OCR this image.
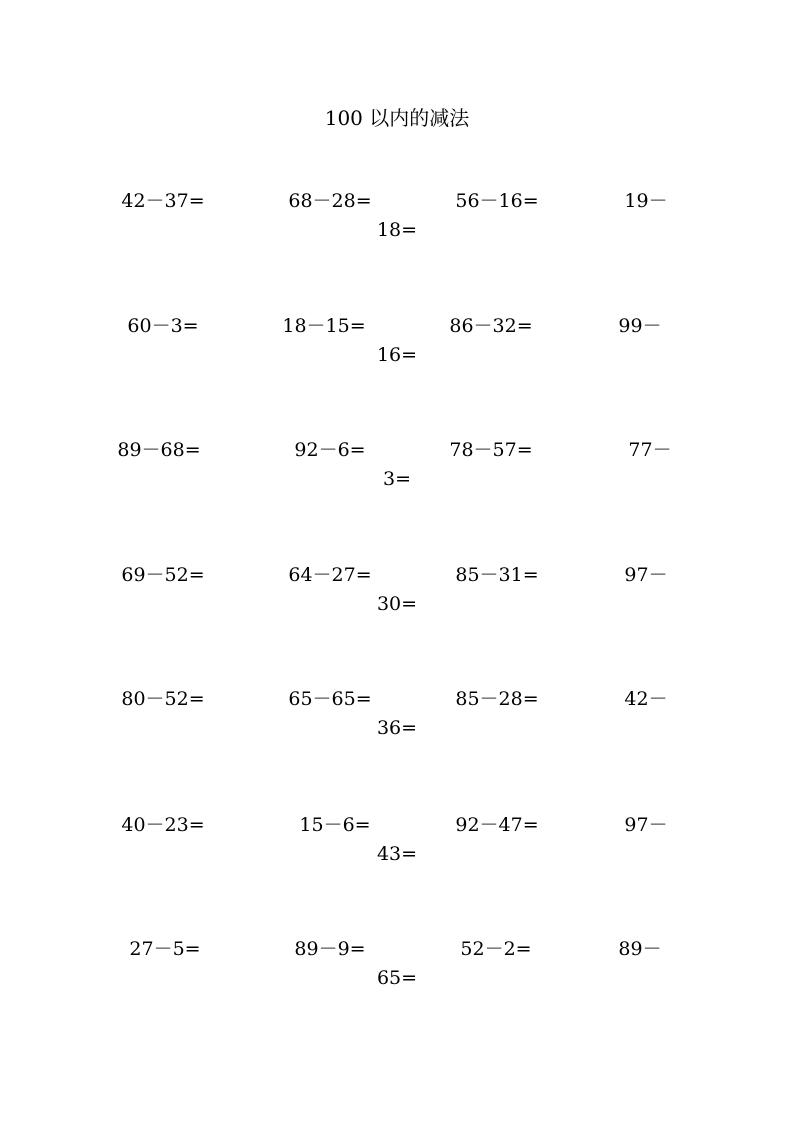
100 以内的减法
42－37=	68－28=	56－16=	19－
18=
60－3=	18－15=	86－32=	99－
16=
89－68=	92－6=	78－57=	77－
3=
69－52=	64－27=	85－31=	97－
30=
80－52=	65－65=	85－28=	42－
36=
40－23=	15－6=	92－47=	97－
43=
27－5=	89－9=	52－2=	89－
65=
